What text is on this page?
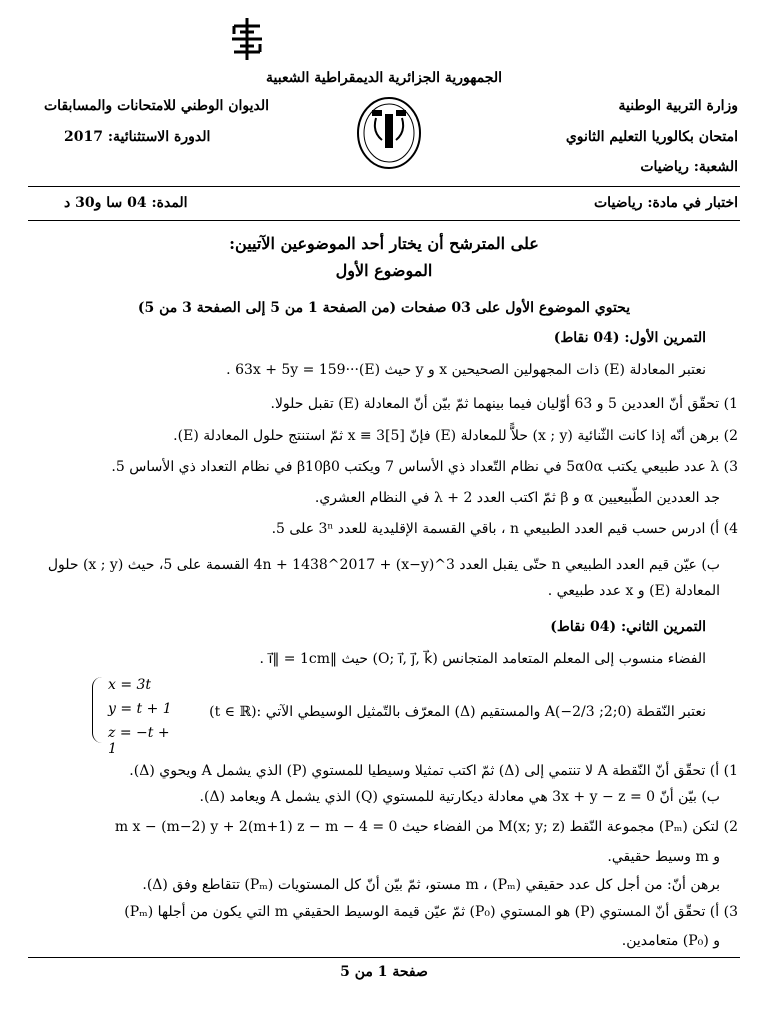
الجمهورية الجزائرية الديمقراطية الشعبية
وزارة التربية الوطنية
الديوان الوطني للامتحانات والمسابقات
امتحان بكالوريا التعليم الثانوي
الدورة الاستثنائية: 2017
الشعبة: رياضيات
اختبار في مادة: رياضيات
المدة: 04 سا و30 د
على المترشح أن يختار أحد الموضوعين الآتيين:
الموضوع الأول
يحتوي الموضوع الأول على 03 صفحات (من الصفحة 1 من 5 إلى الصفحة 3 من 5)
التمرين الأول: (04 نقاط)
نعتبر المعادلة (E) ذات المجهولين الصحيحين x و y حيث (E)···63x + 5y = 159 .
1) تحقّق أنّ العددين 5 و 63 أوّليان فيما بينهما ثمّ بيّن أنّ المعادلة (E) تقبل حلولا.
2) برهن أنّه إذا كانت الثّنائية (x ; y) حلاًّ للمعادلة (E) فإنّ x ≡ 3[5] ثمّ استنتج حلول المعادلة (E).
3) λ عدد طبيعي يكتب 5α0α في نظام التّعداد ذي الأساس 7 ويكتب β10β0 في نظام التعداد ذي الأساس 5.
جد العددين الطّبيعيين α و β ثمّ اكتب العدد λ + 2 في النظام العشري.
4) أ) ادرس حسب قيم العدد الطبيعي n ، باقي القسمة الإقليدية للعدد 3ⁿ على 5.
ب) عيّن قيم العدد الطبيعي n حتّى يقبل العدد 3^(x−y) + 4n + 1438^2017 القسمة على 5، حيث (x ; y) حلول
المعادلة (E) و x عدد طبيعي .
التمرين الثاني: (04 نقاط)
الفضاء منسوب إلى المعلم المتعامد المتجانس (O; i⃗, j⃗, k⃗) حيث ‖i⃗‖ = 1cm .
نعتبر النّقطة A(−2/3 ;2;0) والمستقيم (Δ) المعرّف بالتّمثيل الوسيطي الآتي :(t ∈ ℝ)
x = 3t
y = t + 1
z = −t + 1
1) أ) تحقّق أنّ النّقطة A لا تنتمي إلى (Δ) ثمّ اكتب تمثيلا وسيطيا للمستوي (P) الذي يشمل A ويحوي (Δ).
ب) بيّن أنّ 3x + y − z = 0 هي معادلة ديكارتية للمستوي (Q) الذي يشمل A ويعامد (Δ).
2) لتكن (Pₘ) مجموعة النّقط M(x; y; z) من الفضاء حيث m x − (m−2) y + 2(m+1) z − m − 4 = 0
و m وسيط حقيقي.
برهن أنّ: من أجل كل عدد حقيقي m ، (Pₘ) مستو، ثمّ بيّن أنّ كل المستويات (Pₘ) تتقاطع وفق (Δ).
3) أ) تحقّق أنّ المستوي (P) هو المستوي (P₀) ثمّ عيّن قيمة الوسيط الحقيقي m التي يكون من أجلها (Pₘ)
و (P₀) متعامدين.
صفحة 1 من 5
